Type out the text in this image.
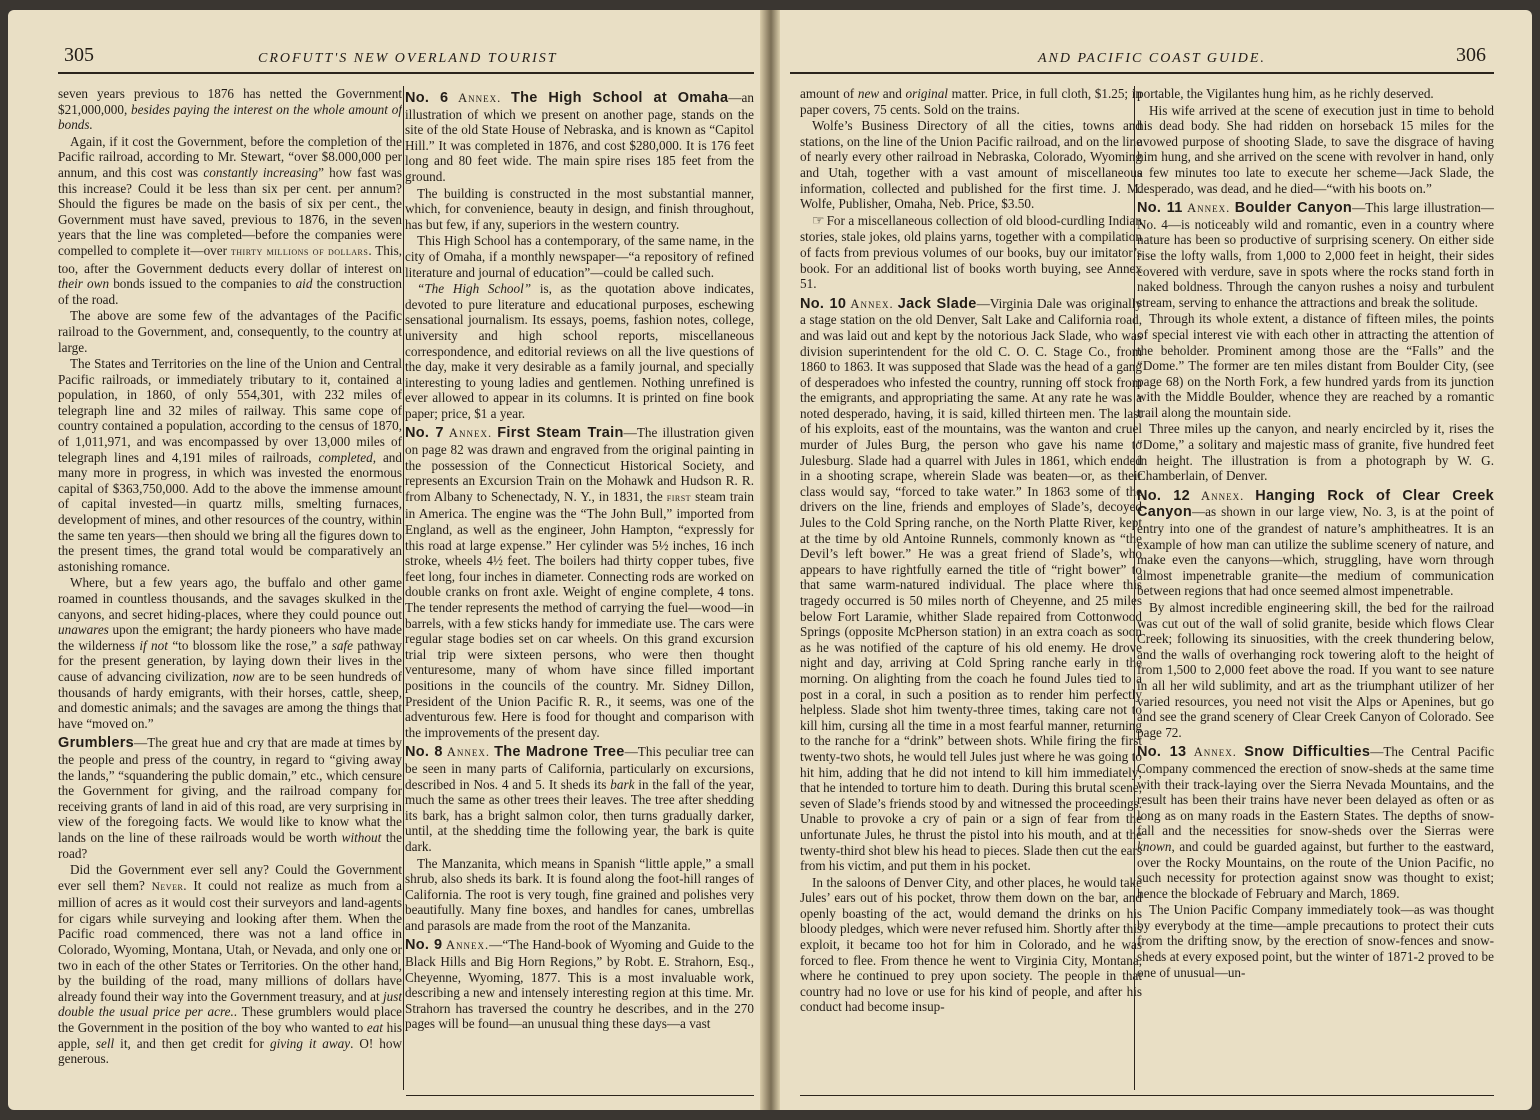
305	CROFUTT'S NEW OVERLAND TOURIST

seven years previous to 1876 has netted the Government $21,000,000, besides paying the interest on the whole amount of bonds.

Again, if it cost the Government, before the completion of the Pacific railroad, according to Mr. Stewart, “over $8.000,000 per annum, and this cost was constantly increasing” how fast was this increase? Could it be less than six per cent. per annum? Should the figures be made on the basis of six per cent., the Government must have saved, previous to 1876, in the seven years that the line was completed—before the companies were compelled to complete it—over thirty millions of dollars. This, too, after the Government deducts every dollar of interest on their own bonds issued to the companies to aid the construction of the road.

The above are some few of the advantages of the Pacific railroad to the Government, and, consequently, to the country at large.

The States and Territories on the line of the Union and Central Pacific railroads, or immediately tributary to it, contained a population, in 1860, of only 554,301, with 232 miles of telegraph line and 32 miles of railway. This same cope of country contained a population, according to the census of 1870, of 1,011,971, and was encompassed by over 13,000 miles of telegraph lines and 4,191 miles of railroads, completed, and many more in progress, in which was invested the enormous capital of $363,750,000. Add to the above the immense amount of capital invested—in quartz mills, smelting furnaces, development of mines, and other resources of the country, within the same ten years—then should we bring all the figures down to the present times, the grand total would be comparatively an astonishing romance.

Where, but a few years ago, the buffalo and other game roamed in countless thousands, and the savages skulked in the canyons, and secret hiding-places, where they could pounce out unawares upon the emigrant; the hardy pioneers who have made the wilderness if not “to blossom like the rose,” a safe pathway for the present generation, by laying down their lives in the cause of advancing civilization, now are to be seen hundreds of thousands of hardy emigrants, with their horses, cattle, sheep, and domestic animals; and the savages are among the things that have “moved on.”

Grumblers—The great hue and cry that are made at times by the people and press of the country, in regard to “giving away the lands,” “squandering the public domain,” etc., which censure the Government for giving, and the railroad company for receiving grants of land in aid of this road, are very surprising in view of the foregoing facts. We would like to know what the lands on the line of these railroads would be worth without the road?

Did the Government ever sell any? Could the Government ever sell them? Never. It could not realize as much from a million of acres as it would cost their surveyors and land-agents for cigars while surveying and looking after them. When the Pacific road commenced, there was not a land office in Colorado, Wyoming, Montana, Utah, or Nevada, and only one or two in each of the other States or Territories. On the other hand, by the building of the road, many millions of dollars have already found their way into the Government treasury, and at just double the usual price per acre.. These grumblers would place the Government in the position of the boy who wanted to eat his apple, sell it, and then get credit for giving it away. O! how generous.

No. 6 Annex. The High School at Omaha—an illustration of which we present on another page, stands on the site of the old State House of Nebraska, and is known as “Capitol Hill.” It was completed in 1876, and cost $280,000. It is 176 feet long and 80 feet wide. The main spire rises 185 feet from the ground.

The building is constructed in the most substantial manner, which, for convenience, beauty in design, and finish throughout, has but few, if any, superiors in the western country.

This High School has a contemporary, of the same name, in the city of Omaha, if a monthly newspaper—“a repository of refined literature and journal of education”—could be called such.

“The High School” is, as the quotation above indicates, devoted to pure literature and educational purposes, eschewing sensational journalism. Its essays, poems, fashion notes, college, university and high school reports, miscellaneous correspondence, and editorial reviews on all the live questions of the day, make it very desirable as a family journal, and specially interesting to young ladies and gentlemen. Nothing unrefined is ever allowed to appear in its columns. It is printed on fine book paper; price, $1 a year.

No. 7 Annex. First Steam Train—The illustration given on page 82 was drawn and engraved from the original painting in the possession of the Connecticut Historical Society, and represents an Excursion Train on the Mohawk and Hudson R. R. from Albany to Schenectady, N. Y., in 1831, the first steam train in America. The engine was the “The John Bull,” imported from England, as well as the engineer, John Hampton, “expressly for this road at large expense.” Her cylinder was 5½ inches, 16 inch stroke, wheels 4½ feet. The boilers had thirty copper tubes, five feet long, four inches in diameter. Connecting rods are worked on double cranks on front axle. Weight of engine complete, 4 tons. The tender represents the method of carrying the fuel—wood—in barrels, with a few sticks handy for immediate use. The cars were regular stage bodies set on car wheels. On this grand excursion trial trip were sixteen persons, who were then thought venturesome, many of whom have since filled important positions in the councils of the country. Mr. Sidney Dillon, President of the Union Pacific R. R., it seems, was one of the adventurous few. Here is food for thought and comparison with the improvements of the present day.

No. 8 Annex. The Madrone Tree—This peculiar tree can be seen in many parts of California, particularly on excursions, described in Nos. 4 and 5. It sheds its bark in the fall of the year, much the same as other trees their leaves. The tree after shedding its bark, has a bright salmon color, then turns gradually darker, until, at the shedding time the following year, the bark is quite dark.

The Manzanita, which means in Spanish “little apple,” a small shrub, also sheds its bark. It is found along the foot-hill ranges of California. The root is very tough, fine grained and polishes very beautifully. Many fine boxes, and handles for canes, umbrellas and parasols are made from the root of the Manzanita.

No. 9 Annex.—“The Hand-book of Wyoming and Guide to the Black Hills and Big Horn Regions,” by Robt. E. Strahorn, Esq., Cheyenne, Wyoming, 1877. This is a most invaluable work, describing a new and intensely interesting region at this time. Mr. Strahorn has traversed the country he describes, and in the 270 pages will be found—an unusual thing these days—a vast

AND PACIFIC COAST GUIDE.	306

amount of new and original matter. Price, in full cloth, $1.25; in paper covers, 75 cents. Sold on the trains.

Wolfe’s Business Directory of all the cities, towns and stations, on the line of the Union Pacific railroad, and on the line of nearly every other railroad in Nebraska, Colorado, Wyoming and Utah, together with a vast amount of miscellaneous information, collected and published for the first time. J. M. Wolfe, Publisher, Omaha, Neb. Price, $3.50.

☞ For a miscellaneous collection of old blood-curdling Indian stories, stale jokes, old plains yarns, together with a compilation of facts from previous volumes of our books, buy our imitator’s book. For an additional list of books worth buying, see Annex 51.

No. 10 Annex. Jack Slade—Virginia Dale was originally a stage station on the old Denver, Salt Lake and California road, and was laid out and kept by the notorious Jack Slade, who was division superintendent for the old C. O. C. Stage Co., from 1860 to 1863. It was supposed that Slade was the head of a gang of desperadoes who infested the country, running off stock from the emigrants, and appropriating the same. At any rate he was a noted desperado, having, it is said, killed thirteen men. The last of his exploits, east of the mountains, was the wanton and cruel murder of Jules Burg, the person who gave his name to Julesburg. Slade had a quarrel with Jules in 1861, which ended in a shooting scrape, wherein Slade was beaten—or, as their class would say, “forced to take water.” In 1863 some of the drivers on the line, friends and employes of Slade’s, decoyed Jules to the Cold Spring ranche, on the North Platte River, kept at the time by old Antoine Runnels, commonly known as “the Devil’s left bower.” He was a great friend of Slade’s, who appears to have rightfully earned the title of “right bower” to that same warm-natured individual. The place where this tragedy occurred is 50 miles north of Cheyenne, and 25 miles below Fort Laramie, whither Slade repaired from Cottonwood Springs (opposite McPherson station) in an extra coach as soon as he was notified of the capture of his old enemy. He drove night and day, arriving at Cold Spring ranche early in the morning. On alighting from the coach he found Jules tied to a post in a coral, in such a position as to render him perfectly helpless. Slade shot him twenty-three times, taking care not to kill him, cursing all the time in a most fearful manner, returning to the ranche for a “drink” between shots. While firing the first twenty-two shots, he would tell Jules just where he was going to hit him, adding that he did not intend to kill him immediately; that he intended to torture him to death. During this brutal scene, seven of Slade’s friends stood by and witnessed the proceedings. Unable to provoke a cry of pain or a sign of fear from the unfortunate Jules, he thrust the pistol into his mouth, and at the twenty-third shot blew his head to pieces. Slade then cut the ears from his victim, and put them in his pocket.

In the saloons of Denver City, and other places, he would take Jules’ ears out of his pocket, throw them down on the bar, and openly boasting of the act, would demand the drinks on his bloody pledges, which were never refused him. Shortly after this exploit, it became too hot for him in Colorado, and he was forced to flee. From thence he went to Virginia City, Montana, where he continued to prey upon society. The people in that country had no love or use for his kind of people, and after his conduct had become insup-

portable, the Vigilantes hung him, as he richly deserved.

His wife arrived at the scene of execution just in time to behold his dead body. She had ridden on horseback 15 miles for the avowed purpose of shooting Slade, to save the disgrace of having him hung, and she arrived on the scene with revolver in hand, only a few minutes too late to execute her scheme—Jack Slade, the desperado, was dead, and he died—“with his boots on.”

No. 11 Annex. Boulder Canyon—This large illustration—No. 4—is noticeably wild and romantic, even in a country where nature has been so productive of surprising scenery. On either side rise the lofty walls, from 1,000 to 2,000 feet in height, their sides covered with verdure, save in spots where the rocks stand forth in naked boldness. Through the canyon rushes a noisy and turbulent stream, serving to enhance the attractions and break the solitude.

Through its whole extent, a distance of fifteen miles, the points of special interest vie with each other in attracting the attention of the beholder. Prominent among those are the “Falls” and the “Dome.” The former are ten miles distant from Boulder City, (see page 68) on the North Fork, a few hundred yards from its junction with the Middle Boulder, whence they are reached by a romantic trail along the mountain side.

Three miles up the canyon, and nearly encircled by it, rises the “Dome,” a solitary and majestic mass of granite, five hundred feet in height. The illustration is from a photograph by W. G. Chamberlain, of Denver.

No. 12 Annex. Hanging Rock of Clear Creek Canyon—as shown in our large view, No. 3, is at the point of entry into one of the grandest of nature’s amphitheatres. It is an example of how man can utilize the sublime scenery of nature, and make even the canyons—which, struggling, have worn through almost impenetrable granite—the medium of communication between regions that had once seemed almost impenetrable.

By almost incredible engineering skill, the bed for the railroad was cut out of the wall of solid granite, beside which flows Clear Creek; following its sinuosities, with the creek thundering below, and the walls of overhanging rock towering aloft to the height of from 1,500 to 2,000 feet above the road. If you want to see nature in all her wild sublimity, and art as the triumphant utilizer of her varied resources, you need not visit the Alps or Apenines, but go and see the grand scenery of Clear Creek Canyon of Colorado. See page 72.

No. 13 Annex. Snow Difficulties—The Central Pacific Company commenced the erection of snow-sheds at the same time with their track-laying over the Sierra Nevada Mountains, and the result has been their trains have never been delayed as often or as long as on many roads in the Eastern States. The depths of snow-fall and the necessities for snow-sheds over the Sierras were known, and could be guarded against, but further to the eastward, over the Rocky Mountains, on the route of the Union Pacific, no such necessity for protection against snow was thought to exist; hence the blockade of February and March, 1869.

The Union Pacific Company immediately took—as was thought by everybody at the time—ample precautions to protect their cuts from the drifting snow, by the erection of snow-fences and snow-sheds at every exposed point, but the winter of 1871-2 proved to be one of unusual—un-
